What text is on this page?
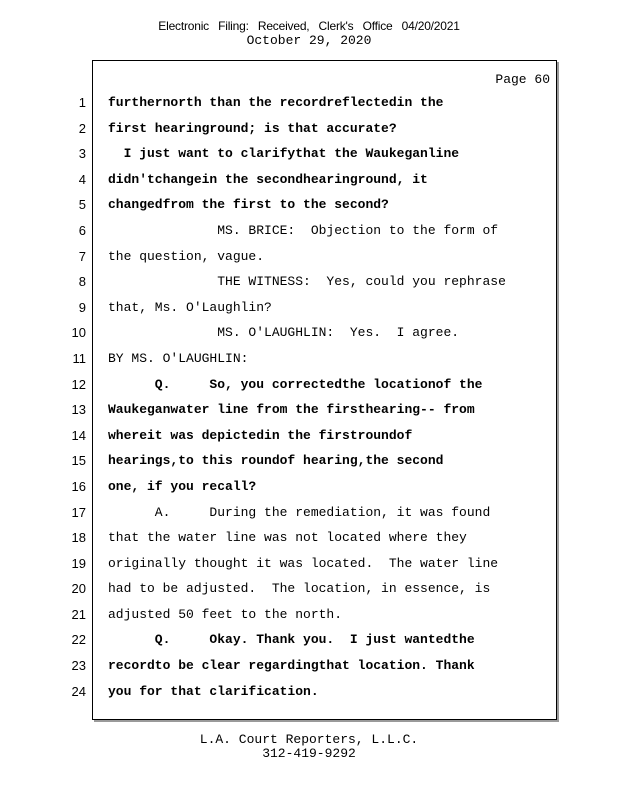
Electronic Filing: Received, Clerk's Office 04/20/2021
October 29, 2020
Page 60
1
2
3
4
5
6
7
8
9
10
11
12
13
14
15
16
17
18
19
20
21
22
23
24
furthernorth than the recordreflectedin the
first hearinground; is that accurate?
I just want to clarifythat the Waukeganline
didn'tchangein the secondhearinground, it
changedfrom the first to the second?
MS. BRICE:  Objection to the form of
the question, vague.
THE WITNESS:  Yes, could you rephrase
that, Ms. O'Laughlin?
MS. O'LAUGHLIN:  Yes.  I agree.
BY MS. O'LAUGHLIN:
Q.     So, you correctedthe locationof the
Waukeganwater line from the firsthearing-- from
whereit was depictedin the firstroundof
hearings,to this roundof hearing,the second
one, if you recall?
A.     During the remediation, it was found
that the water line was not located where they
originally thought it was located.  The water line
had to be adjusted.  The location, in essence, is
adjusted 50 feet to the north.
Q.     Okay. Thank you.  I just wantedthe
recordto be clear regardingthat location. Thank
you for that clarification.
L.A. Court Reporters, L.L.C.
312-419-9292
